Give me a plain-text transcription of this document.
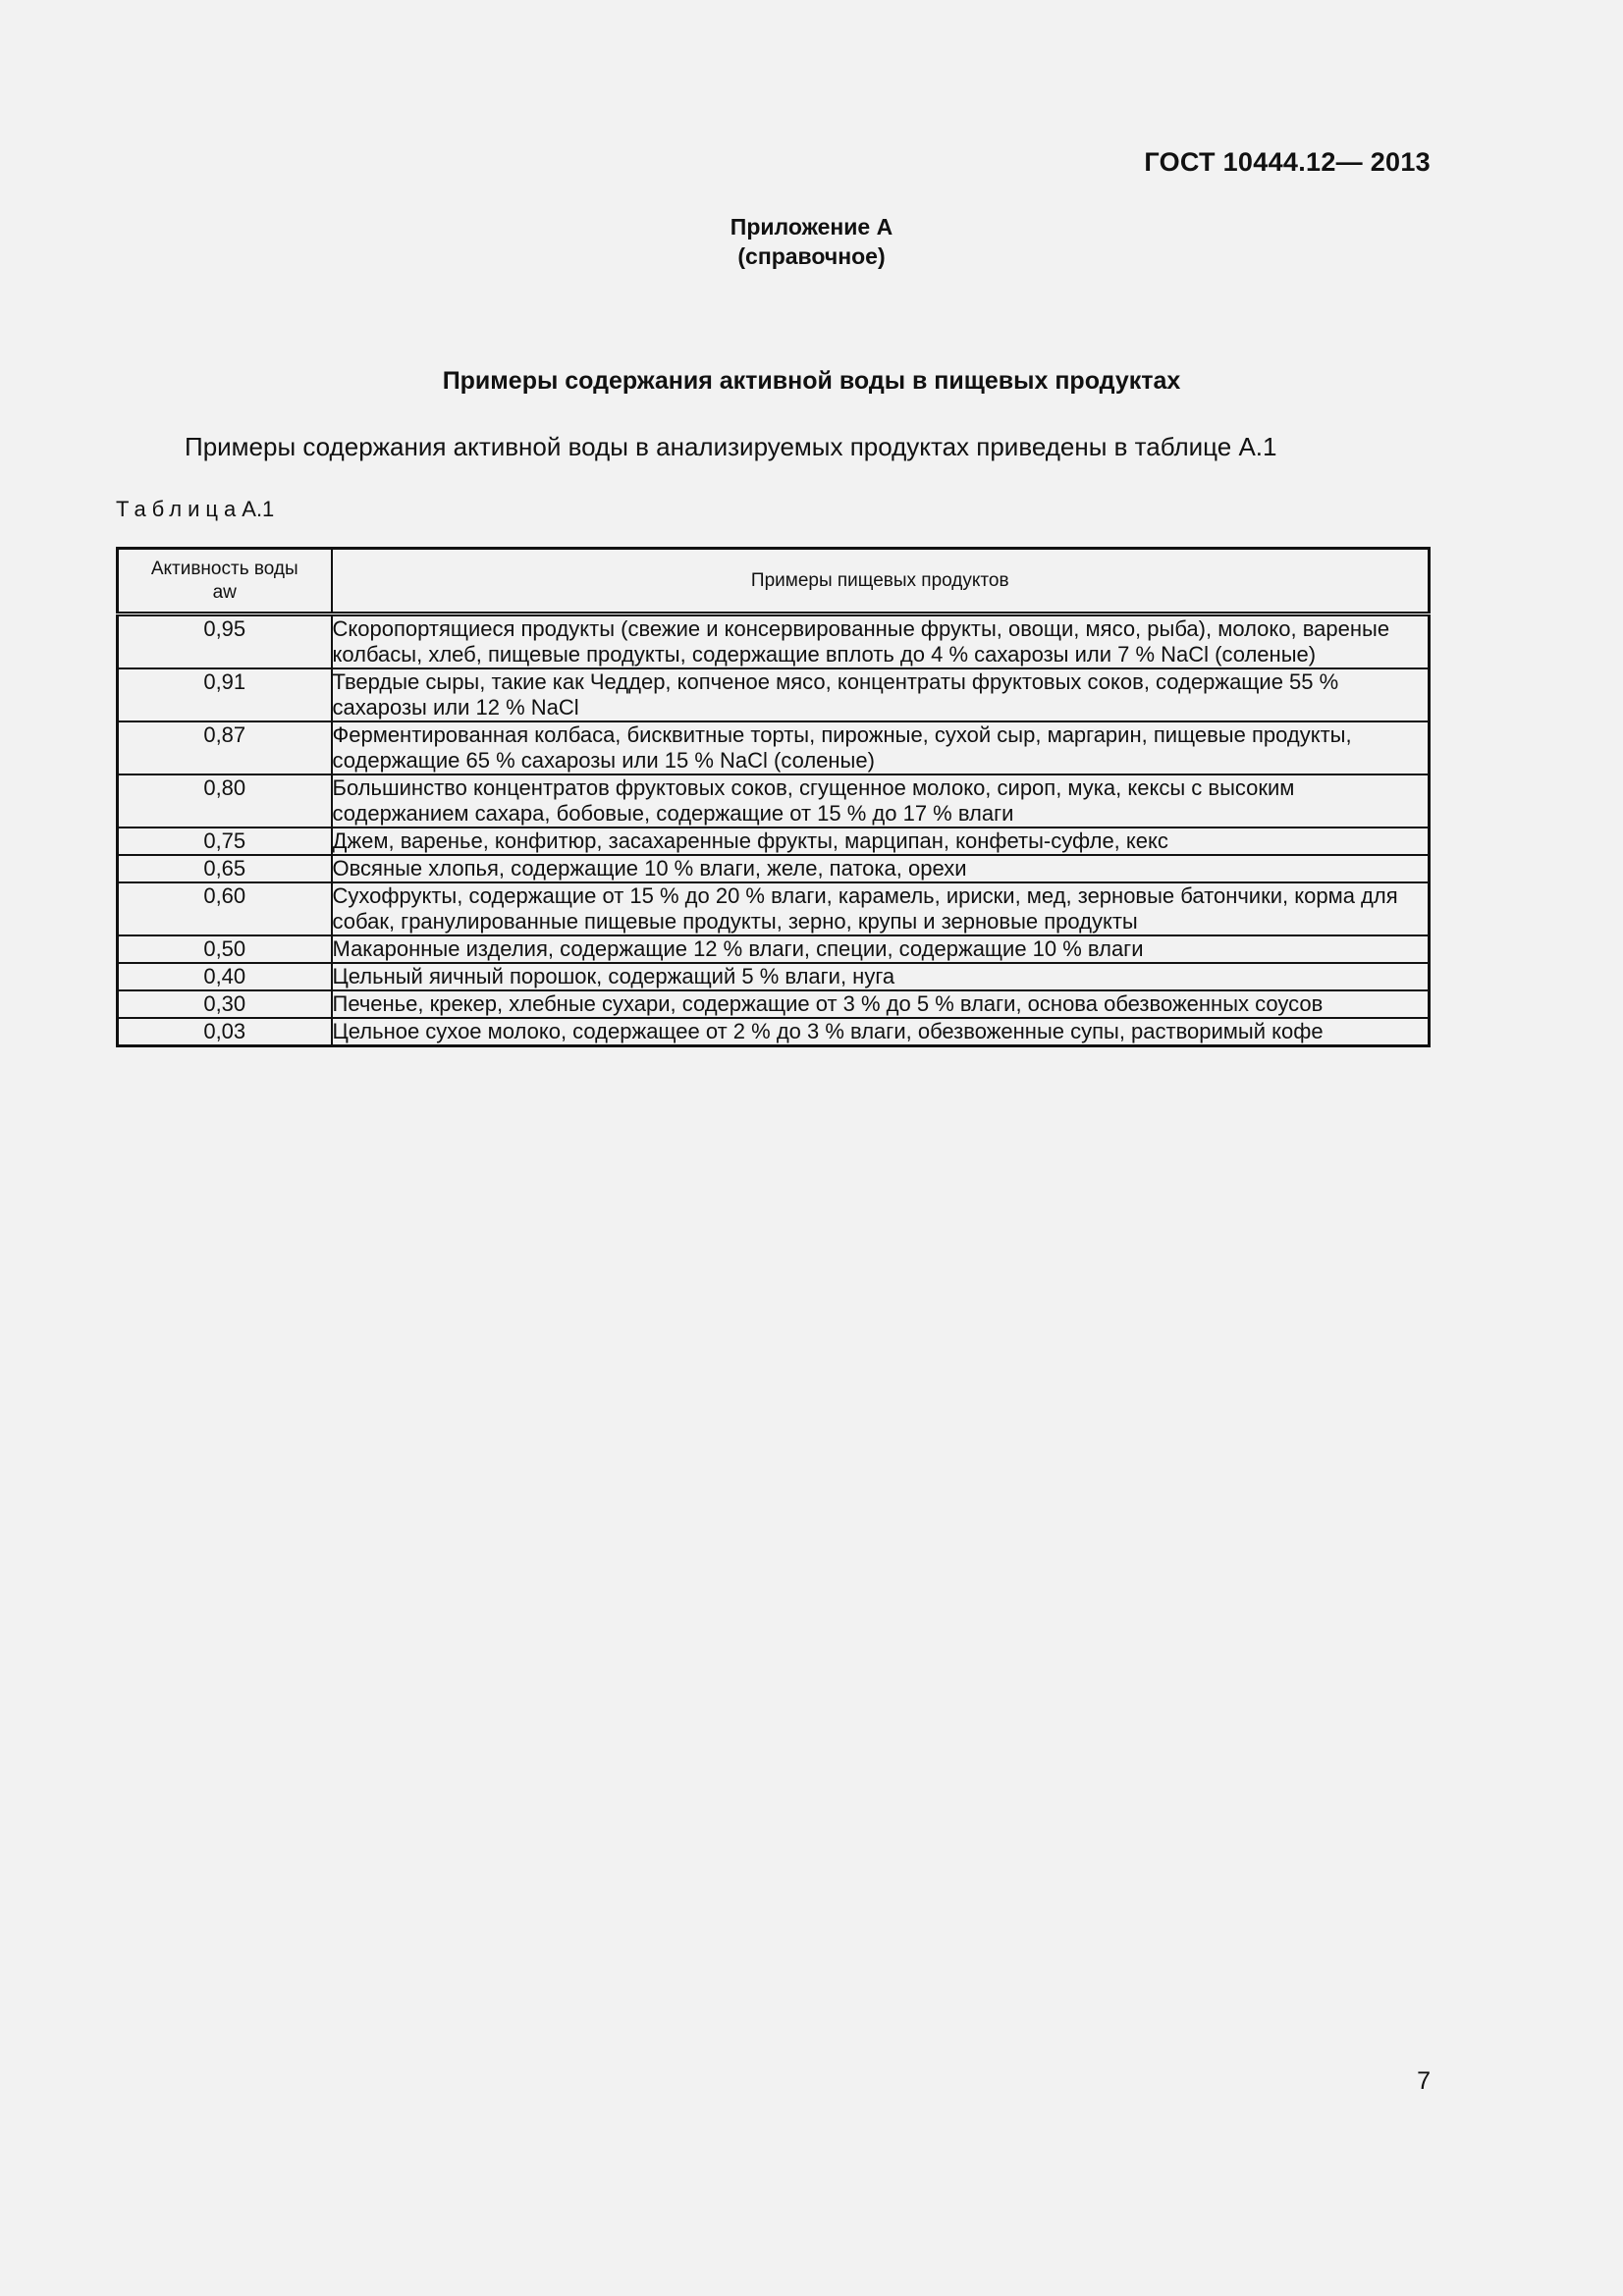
ГОСТ 10444.12— 2013
Приложение А
(справочное)
Примеры содержания активной воды в пищевых продуктах
Примеры содержания активной воды в анализируемых продуктах приведены в таблице А.1
ТаблицаА.1
Активность воды
aw	Примеры пищевых продуктов
0,95	Скоропортящиеся продукты (свежие и консервированные фрукты, овощи, мясо, рыба), молоко, вареные колбасы, хлеб, пищевые продукты, содержащие вплоть до 4 % сахарозы или 7 % NaCl (соленые)
0,91	Твердые сыры, такие как Чеддер, копченое мясо, концентраты фруктовых соков, содержащие 55 % сахарозы или 12 % NaCl
0,87	Ферментированная колбаса, бисквитные торты, пирожные, сухой сыр, маргарин, пищевые продукты, содержащие 65 % сахарозы или 15 % NaCl (соленые)
0,80	Большинство концентратов фруктовых соков, сгущенное молоко, сироп, мука, кексы с высоким содержанием сахара, бобовые, содержащие от 15 % до 17 % влаги
0,75	Джем, варенье, конфитюр, засахаренные фрукты, марципан, конфеты-суфле, кекс
0,65	Овсяные хлопья, содержащие 10 % влаги, желе, патока, орехи
0,60	Сухофрукты, содержащие от 15 % до 20 % влаги, карамель, ириски, мед, зерновые батончики, корма для собак, гранулированные пищевые продукты, зерно, крупы и зерновые продукты
0,50	Макаронные изделия, содержащие 12 % влаги, специи, содержащие 10 % влаги
0,40	Цельный яичный порошок, содержащий 5 % влаги, нуга
0,30	Печенье, крекер, хлебные сухари, содержащие от 3 % до 5 % влаги, основа обезвоженных соусов
0,03	Цельное сухое молоко, содержащее от 2 % до 3 % влаги, обезвоженные супы, растворимый кофе
7
